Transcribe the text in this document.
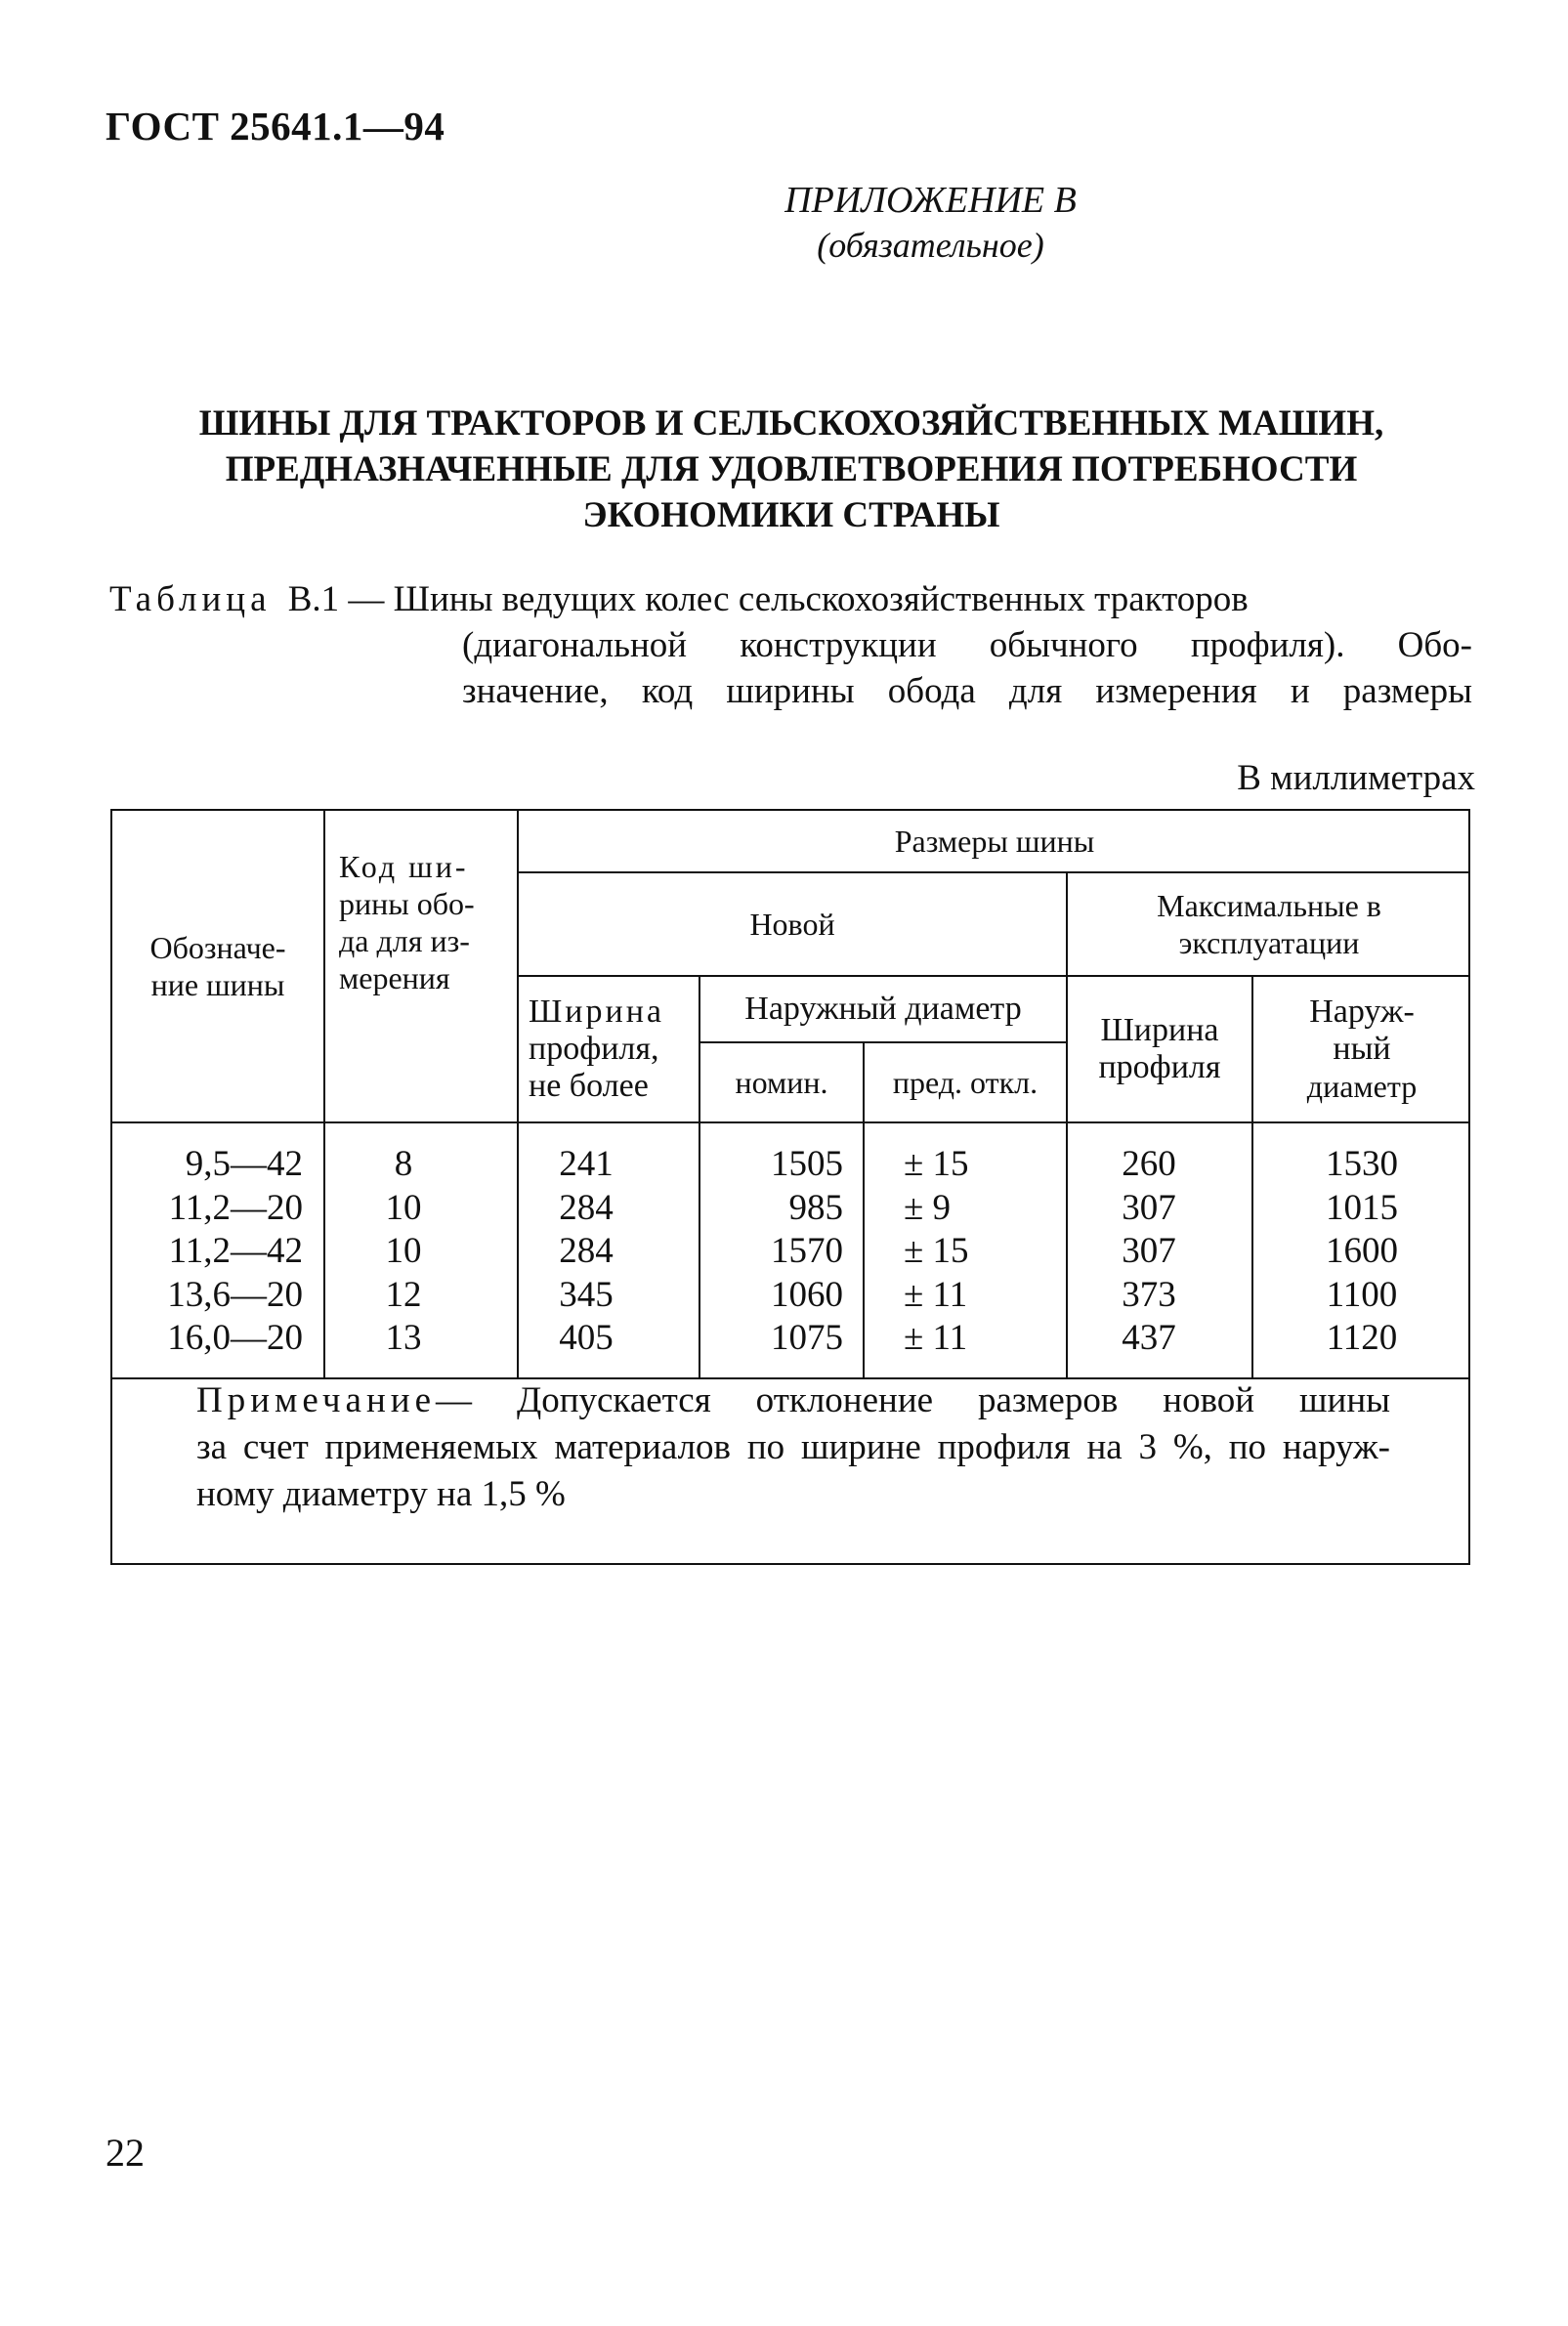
ГОСТ 25641.1—94
ПРИЛОЖЕНИЕ В
(обязательное)
ШИНЫ ДЛЯ ТРАКТОРОВ И СЕЛЬСКОХОЗЯЙСТВЕННЫХ МАШИН,
ПРЕДНАЗНАЧЕННЫЕ ДЛЯ УДОВЛЕТВОРЕНИЯ ПОТРЕБНОСТИ
ЭКОНОМИКИ СТРАНЫ
Таблица В.1 — Шины ведущих колес сельскохозяйственных тракторов
(диагональной конструкции обычного профиля). Обо-
значение, код ширины обода для измерения и размеры
В миллиметрах
Обозначе-
ние шины
Код ши-
рины обо-
да для из-
мерения
Размеры шины
Новой
Максимальные в
эксплуатации
Ширина
профиля,
не более
Наружный диаметр
номин. пред. откл.
Ширина
профиля
Наруж-
ный
диаметр
9,5—42
11,2—20
11,2—42
13,6—20
16,0—20
8
10
10
12
13
241
284
284
345
405
1505
985
1570
1060
1075
± 15
± 9
± 15
± 11
± 11
260
307
307
373
437
1530
1015
1600
1100
1120
Примечание— Допускается отклонение размеров новой шины
за счет применяемых материалов по ширине профиля на 3 %, по наруж-
ному диаметру на 1,5 %
22
